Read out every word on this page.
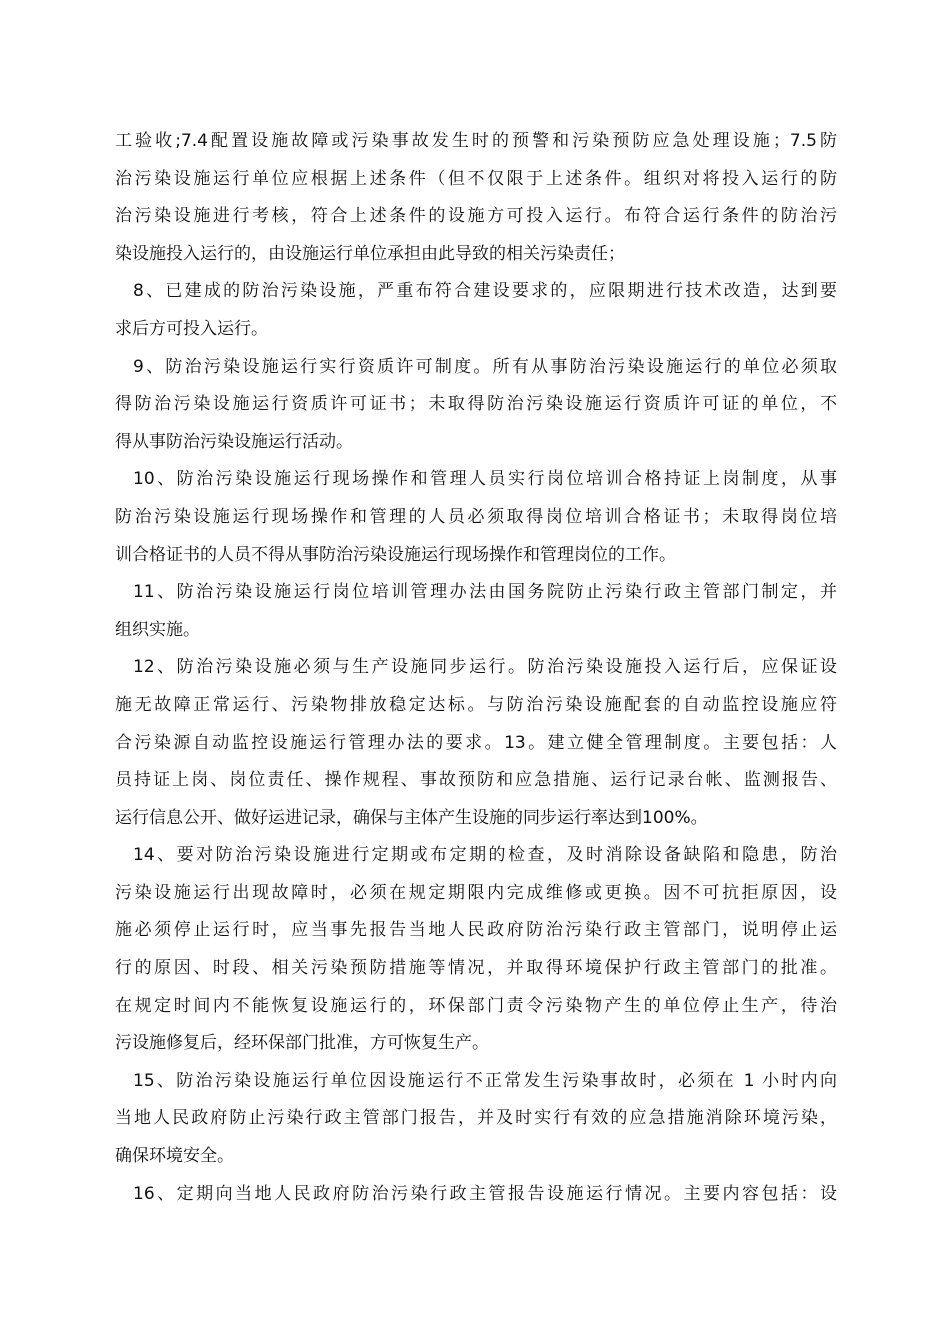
工验收;7.4配置设施故障或污染事故发生时的预警和污染预防应急处理设施；7.5防
治污染设施运行单位应根据上述条件（但不仅限于上述条件。组织对将投入运行的防
治污染设施进行考核，符合上述条件的设施方可投入运行。布符合运行条件的防治污
染设施投入运行的，由设施运行单位承担由此导致的相关污染责任；
8、已建成的防治污染设施，严重布符合建设要求的，应限期进行技术改造，达到要
求后方可投入运行。
9、防治污染设施运行实行资质许可制度。所有从事防治污染设施运行的单位必须取
得防治污染设施运行资质许可证书；未取得防治污染设施运行资质许可证的单位，不
得从事防治污染设施运行活动。
10、防治污染设施运行现场操作和管理人员实行岗位培训合格持证上岗制度，从事
防治污染设施运行现场操作和管理的人员必须取得岗位培训合格证书；未取得岗位培
训合格证书的人员不得从事防治污染设施运行现场操作和管理岗位的工作。
11、防治污染设施运行岗位培训管理办法由国务院防止污染行政主管部门制定，并
组织实施。
12、防治污染设施必须与生产设施同步运行。防治污染设施投入运行后，应保证设
施无故障正常运行、污染物排放稳定达标。与防治污染设施配套的自动监控设施应符
合污染源自动监控设施运行管理办法的要求。13。建立健全管理制度。主要包括：人
员持证上岗、岗位责任、操作规程、事故预防和应急措施、运行记录台帐、监测报告、
运行信息公开、做好运进记录，确保与主体产生设施的同步运行率达到100%。
14、要对防治污染设施进行定期或布定期的检查，及时消除设备缺陷和隐患，防治
污染设施运行出现故障时，必须在规定期限内完成维修或更换。因不可抗拒原因，设
施必须停止运行时，应当事先报告当地人民政府防治污染行政主管部门，说明停止运
行的原因、时段、相关污染预防措施等情况，并取得环境保护行政主管部门的批准。
在规定时间内不能恢复设施运行的，环保部门责令污染物产生的单位停止生产，待治
污设施修复后，经环保部门批准，方可恢复生产。
15、防治污染设施运行单位因设施运行不正常发生污染事故时，必须在 1 小时内向
当地人民政府防止污染行政主管部门报告，并及时实行有效的应急措施消除环境污染，
确保环境安全。
16、定期向当地人民政府防治污染行政主管报告设施运行情况。主要内容包括：设
